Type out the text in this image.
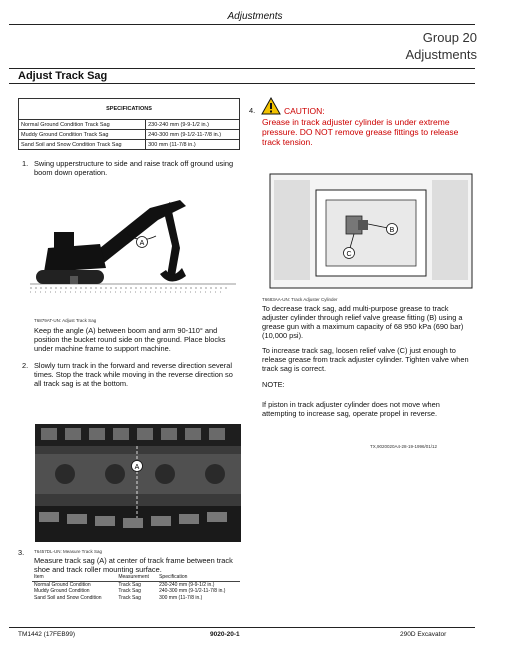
Adjustments
Group 20
Adjustments
Adjust Track Sag
SPECIFICATIONS	
Normal Ground Condition Track Sag	230-240 mm (9-9-1/2 in.)
Muddy Ground Condition Track Sag	240-300 mm (9-1/2-11-7/8 in.)
Sand Soil and Snow Condition Track Sag	300 mm (11-7/8 in.)
1. Swing upperstructure to side and raise track off ground using boom down operation.
A
T6879AT-UN: Adjust Track Sag
Keep the angle (A) between boom and arm 90-110° and position the bucket round side on the ground. Place blocks under machine frame to support machine.
2. Slowly turn track in the forward and reverse direction several times. Stop the track while moving in the reverse direction so all track sag is at the bottom.
A
3. T6457DL-UN: Measure Track Sag
Measure track sag (A) at center of track frame between track shoe and track roller mounting surface.
Item	Measurement	Specification
Normal Ground Condition	Track Sag	230-240 mm (9-9-1/2 in.)
Muddy Ground Condition	Track Sag	240-300 mm (9-1/2-11-7/8 in.)
Sand Soil and Snow Condition	Track Sag	300 mm (11-7/8 in.)
4.	CAUTION:
Grease in track adjuster cylinder is under extreme pressure. DO NOT remove grease fittings to release track tension.
B
C
T6683AA-UN: Track Adjuster Cylinder
To decrease track sag, add multi-purpose grease to track adjuster cylinder through relief valve grease fitting (B) using a grease gun with a maximum capacity of 68 950 kPa (690 bar) (10,000 psi).
To increase track sag, loosen relief valve (C) just enough to release grease from track adjuster cylinder. Tighten valve when track sag is correct.
NOTE:
If piston in track adjuster cylinder does not move when attempting to increase sag, operate propel in reverse.
TX,9020020A4-28-19-1996/01/12
TM1442 (17FEB99)	9020-20-1	290D Excavator
